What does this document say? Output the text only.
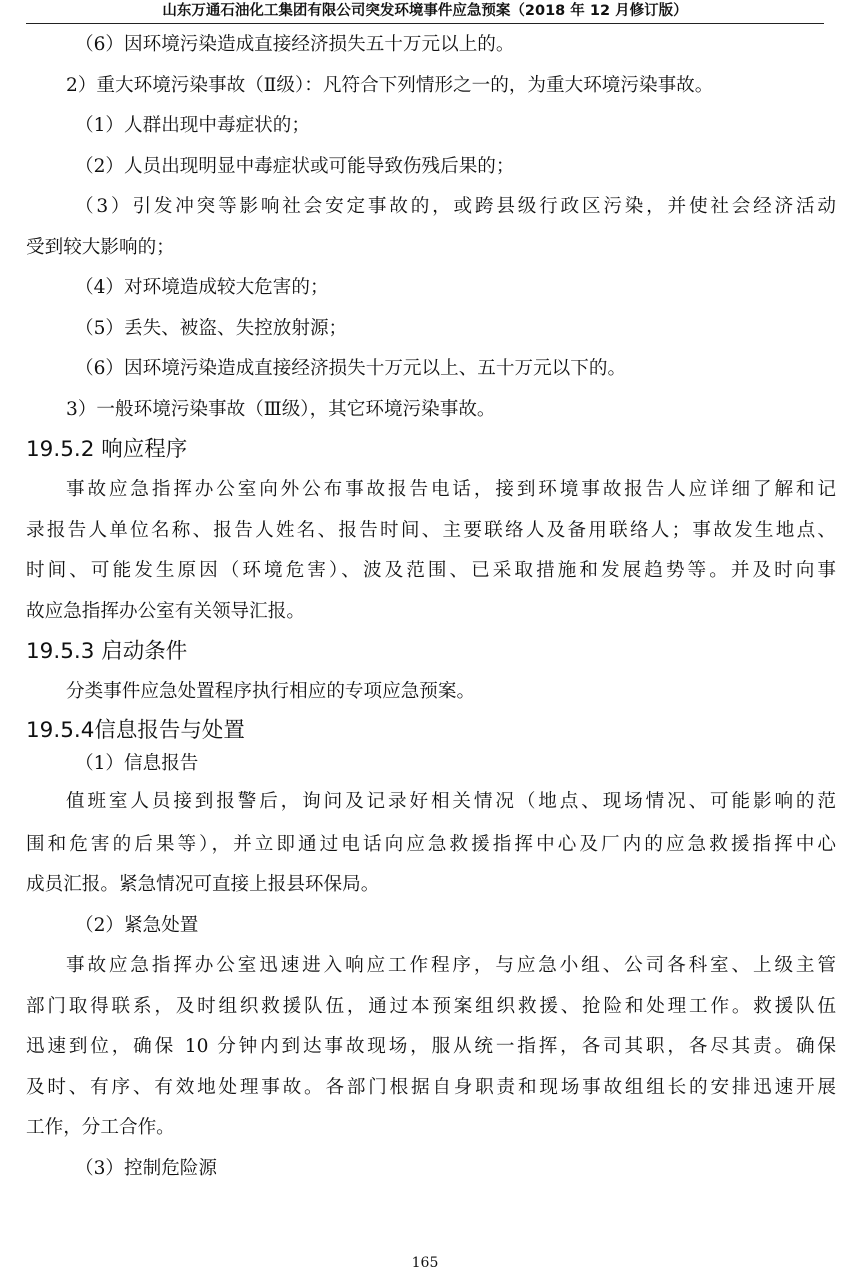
山东万通石油化工集团有限公司突发环境事件应急预案（2018 年 12 月修订版）

（6）因环境污染造成直接经济损失五十万元以上的。

2）重大环境污染事故（Ⅱ级）：凡符合下列情形之一的，为重大环境污染事故。

（1）人群出现中毒症状的；

（2）人员出现明显中毒症状或可能导致伤残后果的；

（3）引发冲突等影响社会安定事故的，或跨县级行政区污染，并使社会经济活动

受到较大影响的；

（4）对环境造成较大危害的；

（5）丢失、被盗、失控放射源；

（6）因环境污染造成直接经济损失十万元以上、五十万元以下的。

3）一般环境污染事故（Ⅲ级），其它环境污染事故。

19.5.2 响应程序

事故应急指挥办公室向外公布事故报告电话，接到环境事故报告人应详细了解和记

录报告人单位名称、报告人姓名、报告时间、主要联络人及备用联络人；事故发生地点、

时间、可能发生原因（环境危害）、波及范围、已采取措施和发展趋势等。并及时向事

故应急指挥办公室有关领导汇报。

19.5.3 启动条件

分类事件应急处置程序执行相应的专项应急预案。

19.5.4信息报告与处置

（1）信息报告

值班室人员接到报警后，询问及记录好相关情况（地点、现场情况、可能影响的范

围和危害的后果等），并立即通过电话向应急救援指挥中心及厂内的应急救援指挥中心

成员汇报。紧急情况可直接上报县环保局。

（2）紧急处置

事故应急指挥办公室迅速进入响应工作程序，与应急小组、公司各科室、上级主管

部门取得联系，及时组织救援队伍，通过本预案组织救援、抢险和处理工作。救援队伍

迅速到位，确保 10 分钟内到达事故现场，服从统一指挥，各司其职，各尽其责。确保

及时、有序、有效地处理事故。各部门根据自身职责和现场事故组组长的安排迅速开展

工作，分工合作。

（3）控制危险源

165
